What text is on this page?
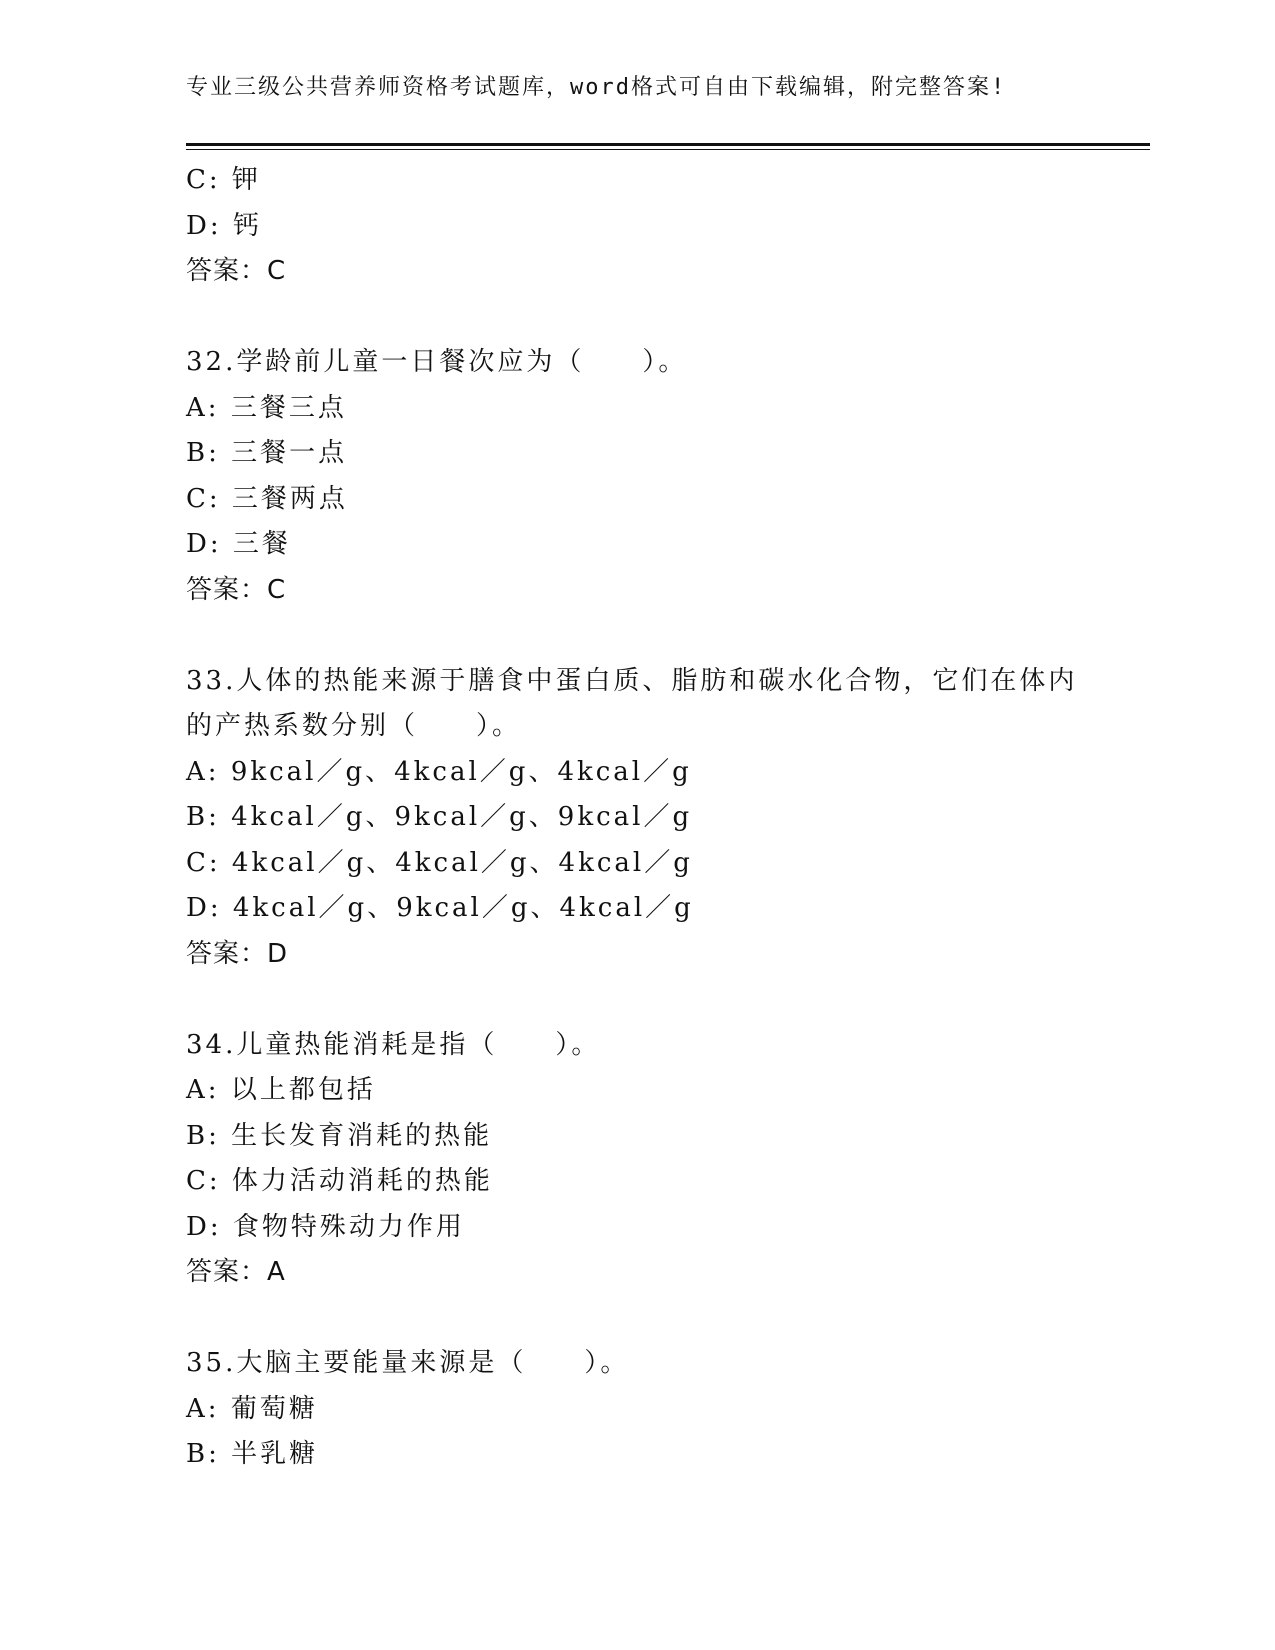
专业三级公共营养师资格考试题库，word格式可自由下载编辑，附完整答案!
C: 钾
D: 钙
答案：C
32.学龄前儿童一日餐次应为（　　）。
A: 三餐三点
B: 三餐一点
C: 三餐两点
D: 三餐
答案：C
33.人体的热能来源于膳食中蛋白质、脂肪和碳水化合物，它们在体内
的产热系数分别（　　）。
A: 9kcal／g、4kcal／g、4kcal／g
B: 4kcal／g、9kcal／g、9kcal／g
C: 4kcal／g、4kcal／g、4kcal／g
D: 4kcal／g、9kcal／g、4kcal／g
答案：D
34.儿童热能消耗是指（　　）。
A: 以上都包括
B: 生长发育消耗的热能
C: 体力活动消耗的热能
D: 食物特殊动力作用
答案：A
35.大脑主要能量来源是（　　）。
A: 葡萄糖
B: 半乳糖
